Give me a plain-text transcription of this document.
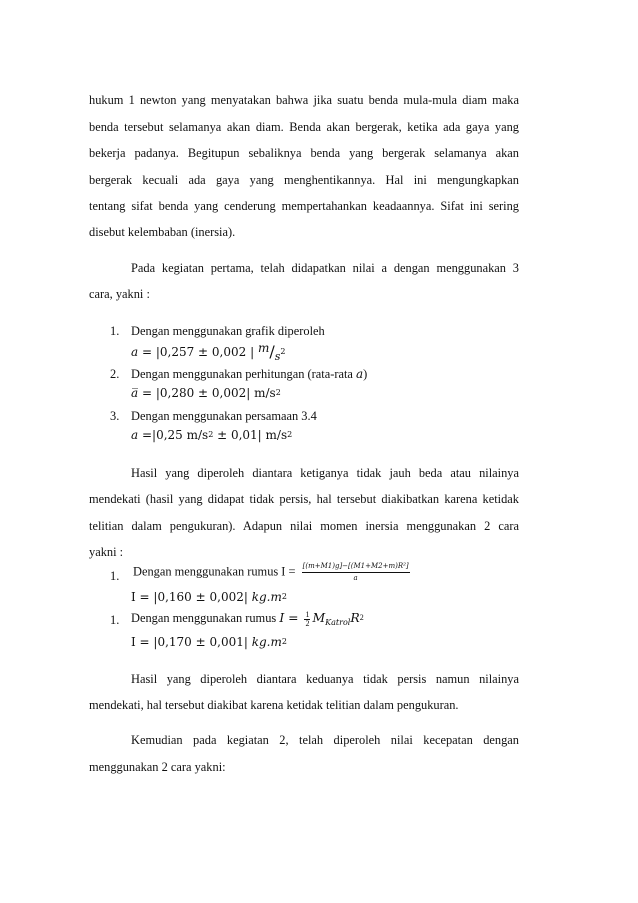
hukum 1 newton yang menyatakan bahwa jika suatu benda mula-mula diam maka
benda tersebut selamanya akan diam. Benda akan bergerak, ketika ada gaya yang
bekerja padanya. Begitupun sebaliknya benda yang bergerak selamanya akan
bergerak kecuali ada gaya yang menghentikannya. Hal ini mengungkapkan
tentang sifat benda yang cenderung mempertahankan keadaannya. Sifat ini sering
disebut kelembaban (inersia).
Pada kegiatan pertama, telah didapatkan nilai a dengan menggunakan 3
cara, yakni :
1. Dengan menggunakan grafik diperoleh
a = |0,257 ± 0,002 | m/s2
2. Dengan menggunakan perhitungan (rata-rata a)
a̅ = |0,280 ± 0,002| m/s2
3. Dengan menggunakan persamaan 3.4
a =|0,25 m/s2 ± 0,01| m/s2
Hasil yang diperoleh diantara ketiganya tidak jauh beda atau nilainya
mendekati (hasil yang didapat tidak persis, hal tersebut diakibatkan karena ketidak
telitian dalam pengukuran). Adapun nilai momen inersia menggunakan 2 cara
yakni :
1. Dengan menggunakan rumus $I = \frac{\text{[(m+M1)g]−[(M1+M2+m)R²]}}{a}$
I = |0,160 ± 0,002| kg.m2
1. Dengan menggunakan rumus $I = \frac{1}{2} M_{Katrol}R2$
I = |0,170 ± 0,001| kg.m2
Hasil yang diperoleh diantara keduanya tidak persis namun nilainya
mendekati, hal tersebut diakibat karena ketidak telitian dalam pengukuran.
Kemudian pada kegiatan 2, telah diperoleh nilai kecepatan dengan
menggunakan 2 cara yakni:
